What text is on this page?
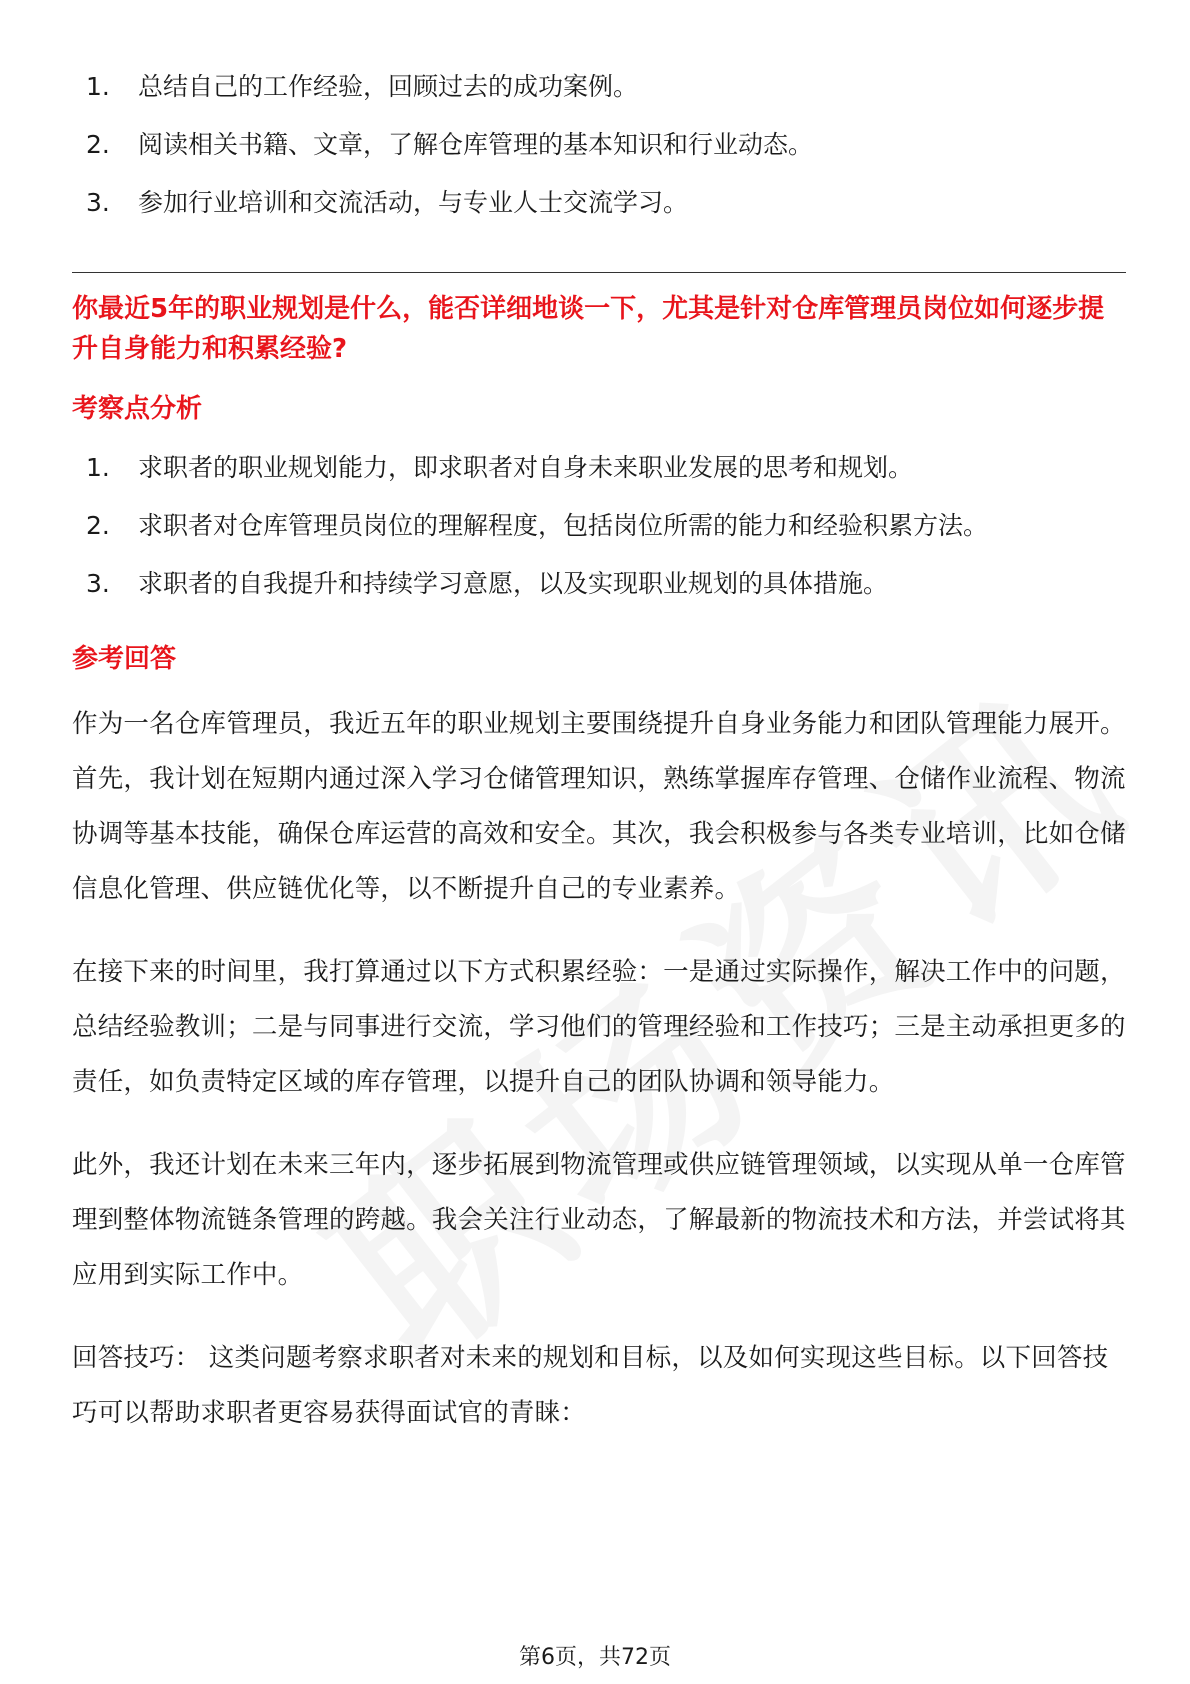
1.	总结自己的工作经验，回顾过去的成功案例。
2.	阅读相关书籍、文章，了解仓库管理的基本知识和行业动态。
3.	参加行业培训和交流活动，与专业人士交流学习。
你最近5年的职业规划是什么，能否详细地谈一下，尤其是针对仓库管理员岗位如何逐步提升自身能力和积累经验?
考察点分析
1.	求职者的职业规划能力，即求职者对自身未来职业发展的思考和规划。
2.	求职者对仓库管理员岗位的理解程度，包括岗位所需的能力和经验积累方法。
3.	求职者的自我提升和持续学习意愿，以及实现职业规划的具体措施。
参考回答

作为一名仓库管理员，我近五年的职业规划主要围绕提升自身业务能力和团队管理能力展开。首先，我计划在短期内通过深入学习仓储管理知识，熟练掌握库存管理、仓储作业流程、物流协调等基本技能，确保仓库运营的高效和安全。其次，我会积极参与各类专业培训，比如仓储信息化管理、供应链优化等，以不断提升自己的专业素养。

在接下来的时间里，我打算通过以下方式积累经验：一是通过实际操作，解决工作中的问题，总结经验教训；二是与同事进行交流，学习他们的管理经验和工作技巧；三是主动承担更多的责任，如负责特定区域的库存管理，以提升自己的团队协调和领导能力。

此外，我还计划在未来三年内，逐步拓展到物流管理或供应链管理领域，以实现从单一仓库管理到整体物流链条管理的跨越。我会关注行业动态，了解最新的物流技术和方法，并尝试将其应用到实际工作中。

回答技巧： 这类问题考察求职者对未来的规划和目标，以及如何实现这些目标。以下回答技巧可以帮助求职者更容易获得面试官的青睐：

第6页，共72页
